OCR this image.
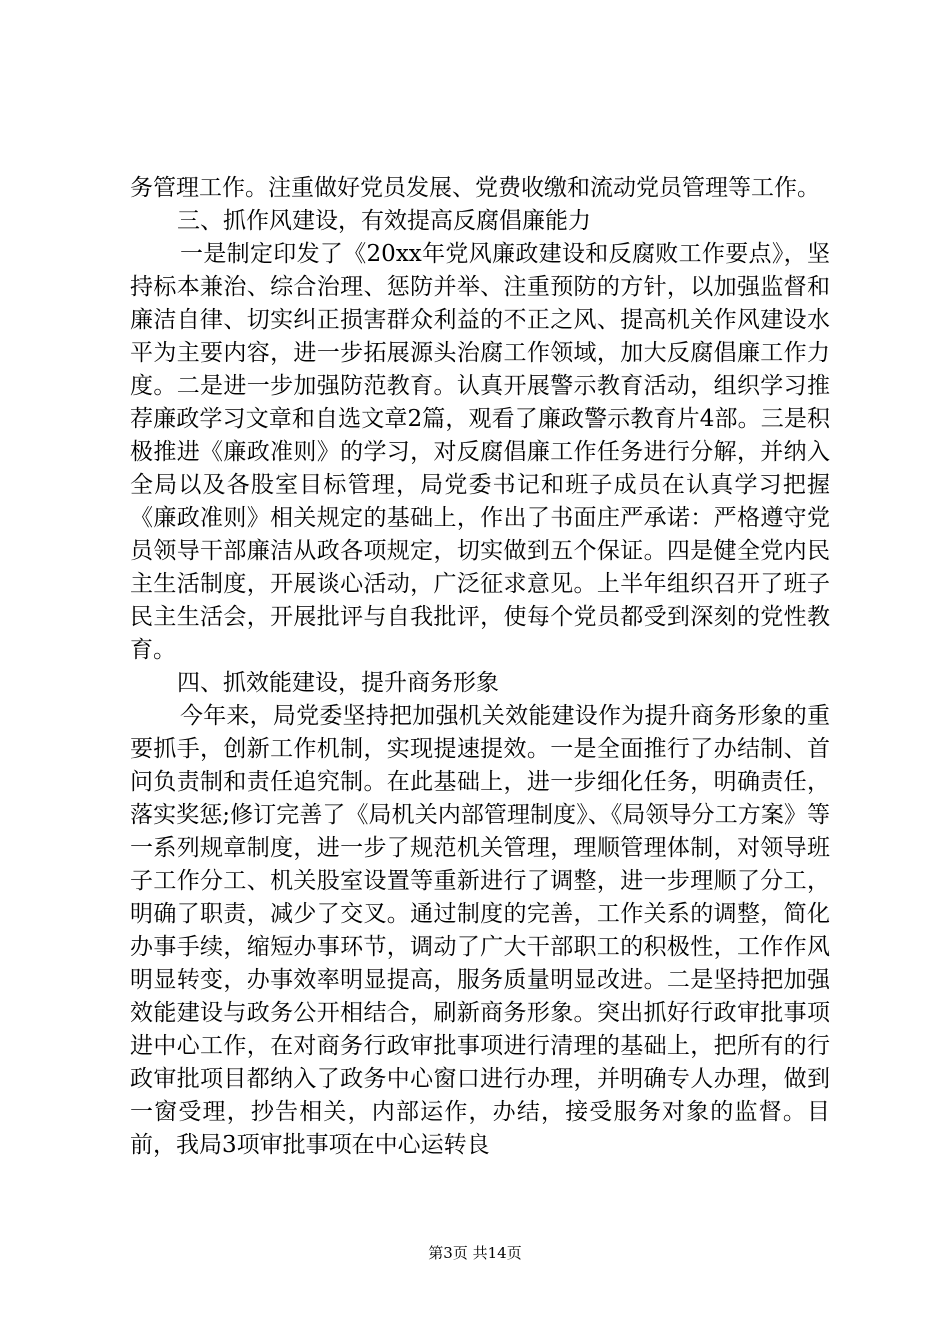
务管理工作。注重做好党员发展、党费收缴和流动党员管理等工作。

三、抓作风建设，有效提高反腐倡廉能力

一是制定印发了《20xx年党风廉政建设和反腐败工作要点》，坚持标本兼治、综合治理、惩防并举、注重预防的方针，以加强监督和廉洁自律、切实纠正损害群众利益的不正之风、提高机关作风建设水平为主要内容，进一步拓展源头治腐工作领域，加大反腐倡廉工作力度。二是进一步加强防范教育。认真开展警示教育活动，组织学习推荐廉政学习文章和自选文章2篇，观看了廉政警示教育片4部。三是积极推进《廉政准则》的学习，对反腐倡廉工作任务进行分解，并纳入全局以及各股室目标管理，局党委书记和班子成员在认真学习把握《廉政准则》相关规定的基础上，作出了书面庄严承诺：严格遵守党员领导干部廉洁从政各项规定，切实做到五个保证。四是健全党内民主生活制度，开展谈心活动，广泛征求意见。上半年组织召开了班子民主生活会，开展批评与自我批评，使每个党员都受到深刻的党性教育。

四、抓效能建设，提升商务形象

今年来，局党委坚持把加强机关效能建设作为提升商务形象的重要抓手，创新工作机制，实现提速提效。一是全面推行了办结制、首问负责制和责任追究制。在此基础上，进一步细化任务，明确责任，落实奖惩;修订完善了《局机关内部管理制度》、《局领导分工方案》等一系列规章制度，进一步了规范机关管理，理顺管理体制，对领导班子工作分工、机关股室设置等重新进行了调整，进一步理顺了分工，明确了职责，减少了交叉。通过制度的完善，工作关系的调整，简化办事手续，缩短办事环节，调动了广大干部职工的积极性，工作作风明显转变，办事效率明显提高，服务质量明显改进。二是坚持把加强效能建设与政务公开相结合，刷新商务形象。突出抓好行政审批事项进中心工作，在对商务行政审批事项进行清理的基础上，把所有的行政审批项目都纳入了政务中心窗口进行办理，并明确专人办理，做到一窗受理，抄告相关，内部运作，办结，接受服务对象的监督。目前，我局3项审批事项在中心运转良

第3页 共14页
